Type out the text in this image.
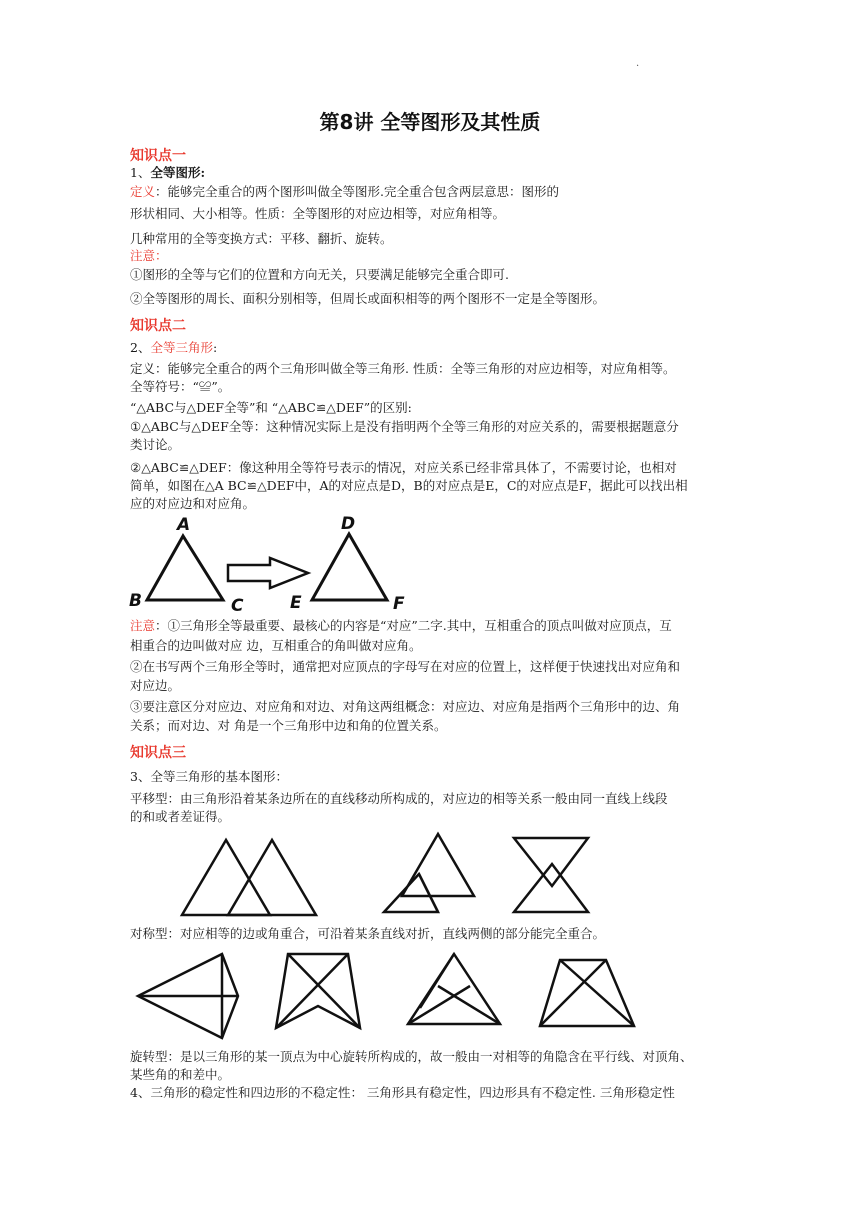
.
第8讲 全等图形及其性质
知识点一
1、全等图形:
定义：能够完全重合的两个图形叫做全等图形.完全重合包含两层意思：图形的
形状相同、大小相等。性质：全等图形的对应边相等，对应角相等。
几种常用的全等变换方式：平移、翻折、旋转。
注意：
①图形的全等与它们的位置和方向无关，只要满足能够完全重合即可.
②全等图形的周长、面积分别相等，但周长或面积相等的两个图形不一定是全等图形。
知识点二
2、全等三角形:
定义：能够完全重合的两个三角形叫做全等三角形. 性质：全等三角形的对应边相等，对应角相等。
全等符号：“≌”。
“△ABC与△DEF全等”和 “△ABC≌△DEF”的区别:
①△ABC与△DEF全等：这种情况实际上是没有指明两个全等三角形的对应关系的，需要根据题意分
类讨论。
②△ABC≌△DEF：像这种用全等符号表示的情况，对应关系已经非常具体了，不需要讨论，也相对
简单，如图在△A BC≌△DEF中，A的对应点是D，B的对应点是E，C的对应点是F，据此可以找出相
应的对应边和对应角。
A
B	C
D
E	F
注意：①三角形全等最重要、最核心的内容是“对应”二字.其中，互相重合的顶点叫做对应顶点，互
相重合的边叫做对应 边，互相重合的角叫做对应角。
②在书写两个三角形全等时，通常把对应顶点的字母写在对应的位置上，这样便于快速找出对应角和
对应边。
③要注意区分对应边、对应角和对边、对角这两组概念：对应边、对应角是指两个三角形中的边、角
关系；而对边、对 角是一个三角形中边和角的位置关系。
知识点三
3、全等三角形的基本图形：
平移型：由三角形沿着某条边所在的直线移动所构成的，对应边的相等关系一般由同一直线上线段
的和或者差证得。
对称型：对应相等的边或角重合，可沿着某条直线对折，直线两侧的部分能完全重合。
旋转型：是以三角形的某一顶点为中心旋转所构成的，故一般由一对相等的角隐含在平行线、对顶角、
某些角的和差中。
4、三角形的稳定性和四边形的不稳定性： 三角形具有稳定性，四边形具有不稳定性. 三角形稳定性
